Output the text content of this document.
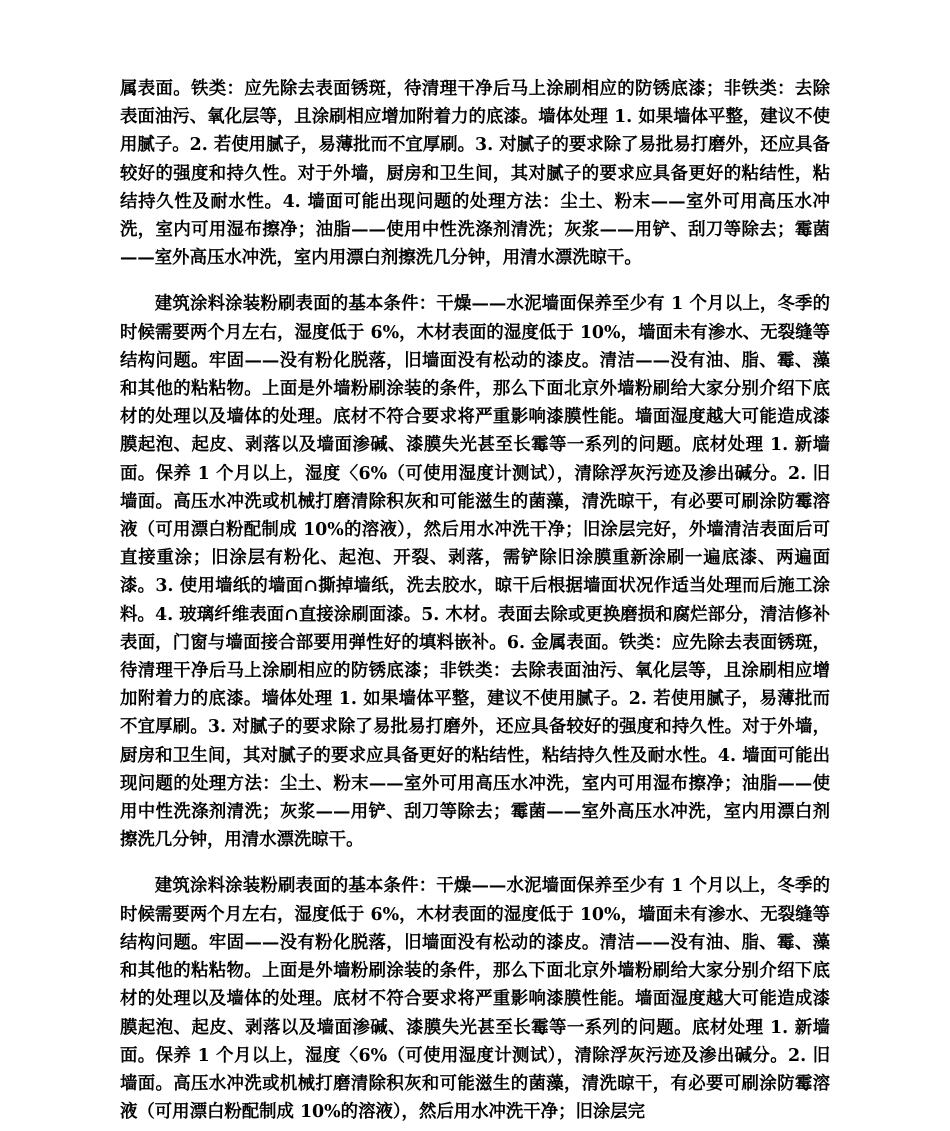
属表面。铁类：应先除去表面锈斑，待清理干净后马上涂刷相应的防锈底漆；非铁类：去除表面油污、氧化层等，且涂刷相应增加附着力的底漆。墙体处理 1. 如果墙体平整，建议不使用腻子。2. 若使用腻子，易薄批而不宜厚刷。3. 对腻子的要求除了易批易打磨外，还应具备较好的强度和持久性。对于外墙，厨房和卫生间，其对腻子的要求应具备更好的粘结性，粘结持久性及耐水性。4. 墙面可能出现问题的处理方法：尘土、粉末——室外可用高压水冲洗，室内可用湿布擦净；油脂——使用中性洗涤剂清洗；灰浆——用铲、刮刀等除去；霉菌——室外高压水冲洗，室内用漂白剂擦洗几分钟，用清水漂洗晾干。

建筑涂料涂装粉刷表面的基本条件：干燥——水泥墙面保养至少有 1 个月以上，冬季的时候需要两个月左右，湿度低于 6%，木材表面的湿度低于 10%，墙面未有渗水、无裂缝等结构问题。牢固——没有粉化脱落，旧墙面没有松动的漆皮。清洁——没有油、脂、霉、藻和其他的粘粘物。上面是外墙粉刷涂装的条件，那么下面北京外墙粉刷给大家分别介绍下底材的处理以及墙体的处理。底材不符合要求将严重影响漆膜性能。墙面湿度越大可能造成漆膜起泡、起皮、剥落以及墙面渗碱、漆膜失光甚至长霉等一系列的问题。底材处理 1. 新墙面。保养 1 个月以上，湿度〈6%（可使用湿度计测试），清除浮灰污迹及渗出碱分。2. 旧墙面。高压水冲洗或机械打磨清除积灰和可能滋生的菌藻，清洗晾干，有必要可刷涂防霉溶液（可用漂白粉配制成 10%的溶液），然后用水冲洗干净；旧涂层完好，外墙清洁表面后可直接重涂；旧涂层有粉化、起泡、开裂、剥落，需铲除旧涂膜重新涂刷一遍底漆、两遍面漆。3. 使用墙纸的墙面∩撕掉墙纸，洗去胶水，晾干后根据墙面状况作适当处理而后施工涂料。4. 玻璃纤维表面∩直接涂刷面漆。5. 木材。表面去除或更换磨损和腐烂部分，清洁修补表面，门窗与墙面接合部要用弹性好的填料嵌补。6. 金属表面。铁类：应先除去表面锈斑，待清理干净后马上涂刷相应的防锈底漆；非铁类：去除表面油污、氧化层等，且涂刷相应增加附着力的底漆。墙体处理 1. 如果墙体平整，建议不使用腻子。2. 若使用腻子，易薄批而不宜厚刷。3. 对腻子的要求除了易批易打磨外，还应具备较好的强度和持久性。对于外墙，厨房和卫生间，其对腻子的要求应具备更好的粘结性，粘结持久性及耐水性。4. 墙面可能出现问题的处理方法：尘土、粉末——室外可用高压水冲洗，室内可用湿布擦净；油脂——使用中性洗涤剂清洗；灰浆——用铲、刮刀等除去；霉菌——室外高压水冲洗，室内用漂白剂擦洗几分钟，用清水漂洗晾干。

建筑涂料涂装粉刷表面的基本条件：干燥——水泥墙面保养至少有 1 个月以上，冬季的时候需要两个月左右，湿度低于 6%，木材表面的湿度低于 10%，墙面未有渗水、无裂缝等结构问题。牢固——没有粉化脱落，旧墙面没有松动的漆皮。清洁——没有油、脂、霉、藻和其他的粘粘物。上面是外墙粉刷涂装的条件，那么下面北京外墙粉刷给大家分别介绍下底材的处理以及墙体的处理。底材不符合要求将严重影响漆膜性能。墙面湿度越大可能造成漆膜起泡、起皮、剥落以及墙面渗碱、漆膜失光甚至长霉等一系列的问题。底材处理 1. 新墙面。保养 1 个月以上，湿度〈6%（可使用湿度计测试），清除浮灰污迹及渗出碱分。2. 旧墙面。高压水冲洗或机械打磨清除积灰和可能滋生的菌藻，清洗晾干，有必要可刷涂防霉溶液（可用漂白粉配制成 10%的溶液），然后用水冲洗干净；旧涂层完
